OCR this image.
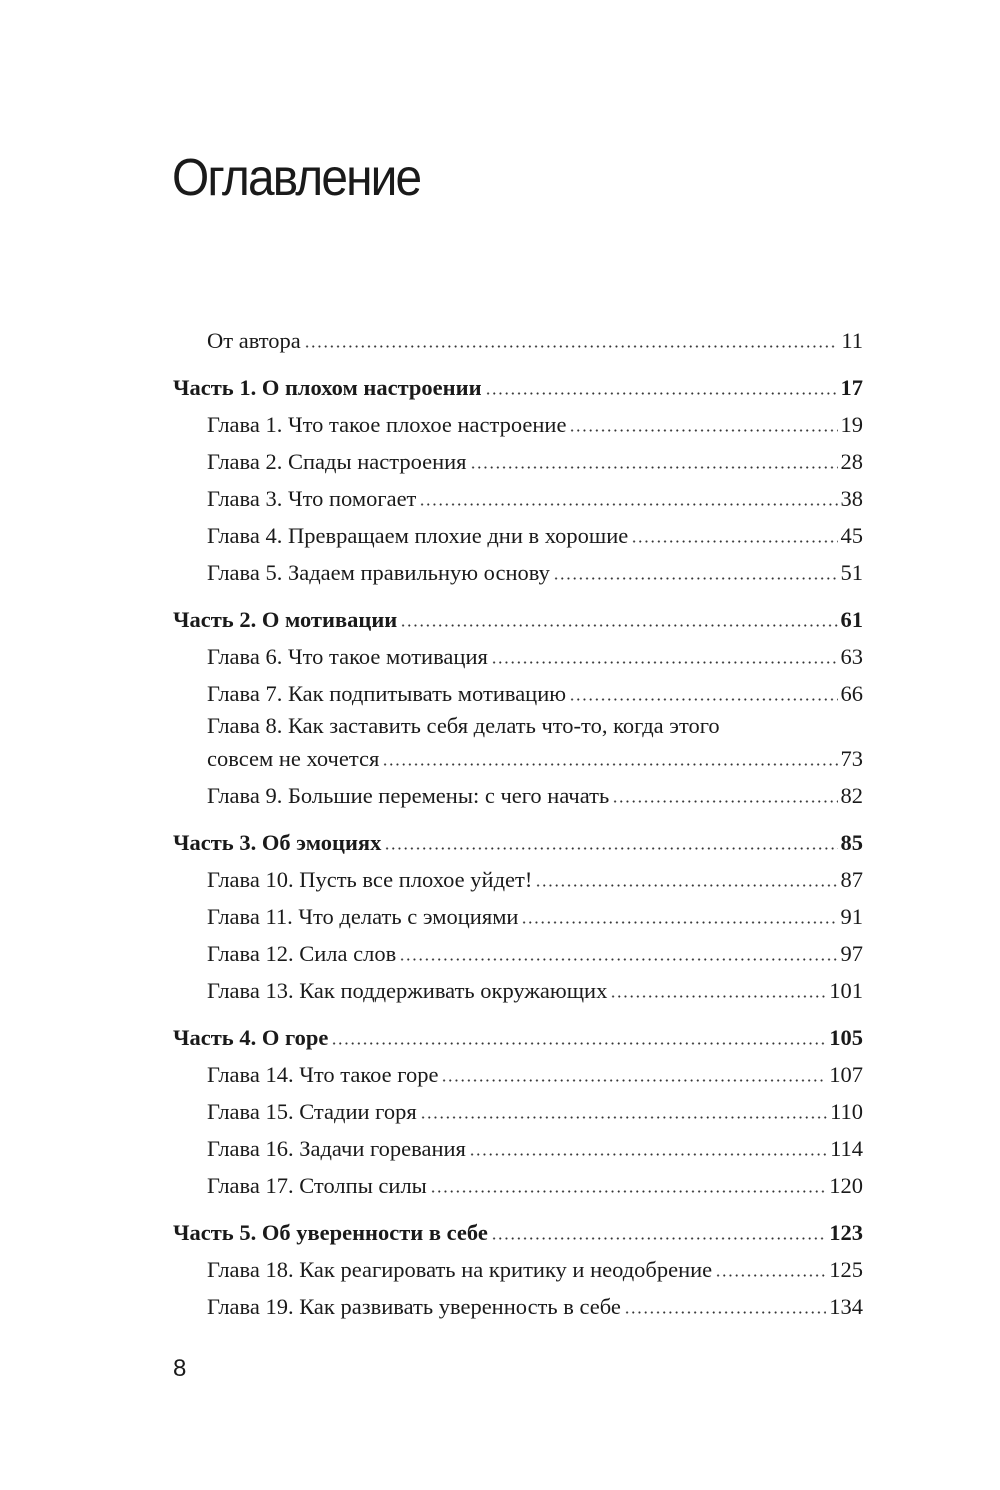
Оглавление
От автора	11
Часть 1. О плохом настроении	17
Глава 1. Что такое плохое настроение	19
Глава 2. Спады настроения	28
Глава 3. Что помогает	38
Глава 4. Превращаем плохие дни в хорошие	45
Глава 5. Задаем правильную основу	51
Часть 2. О мотивации	61
Глава 6. Что такое мотивация	63
Глава 7. Как подпитывать мотивацию	66
Глава 8. Как заставить себя делать что-то, когда этого
совсем не хочется	73
Глава 9. Большие перемены: с чего начать	82
Часть 3. Об эмоциях	85
Глава 10. Пусть все плохое уйдет!	87
Глава 11. Что делать с эмоциями	91
Глава 12. Сила слов	97
Глава 13. Как поддерживать окружающих	101
Часть 4. О горе	105
Глава 14. Что такое горе	107
Глава 15. Стадии горя	110
Глава 16. Задачи горевания	114
Глава 17. Столпы силы	120
Часть 5. Об уверенности в себе	123
Глава 18. Как реагировать на критику и неодобрение	125
Глава 19. Как развивать уверенность в себе	134
8
